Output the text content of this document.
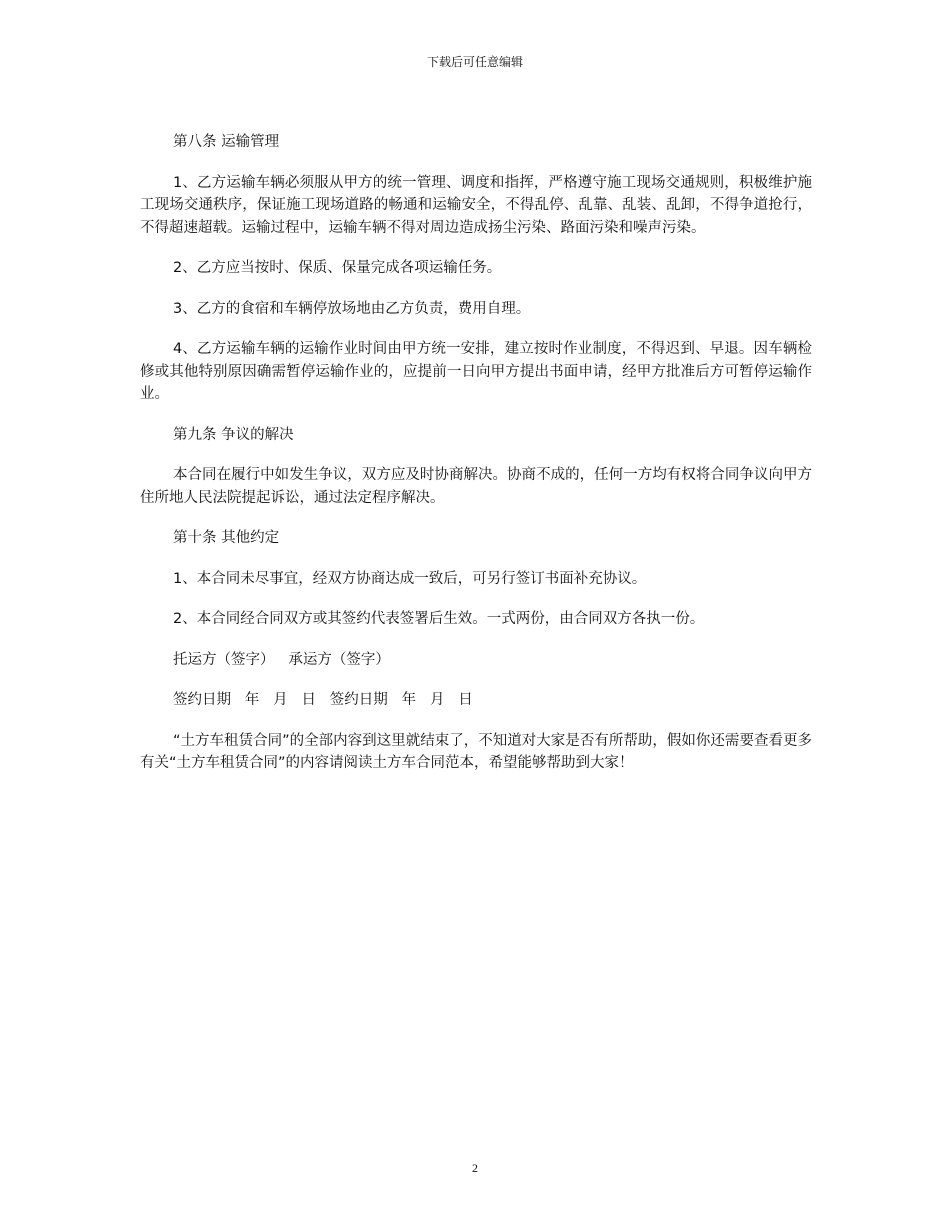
下载后可任意编辑

第八条 运输管理

1、乙方运输车辆必须服从甲方的统一管理、调度和指挥，严格遵守施工现场交通规则，积极维护施工现场交通秩序，保证施工现场道路的畅通和运输安全，不得乱停、乱靠、乱装、乱卸，不得争道抢行，不得超速超载。运输过程中，运输车辆不得对周边造成扬尘污染、路面污染和噪声污染。

2、乙方应当按时、保质、保量完成各项运输任务。

3、乙方的食宿和车辆停放场地由乙方负责，费用自理。

4、乙方运输车辆的运输作业时间由甲方统一安排，建立按时作业制度，不得迟到、早退。因车辆检修或其他特别原因确需暂停运输作业的，应提前一日向甲方提出书面申请，经甲方批准后方可暂停运输作业。

第九条 争议的解决

本合同在履行中如发生争议，双方应及时协商解决。协商不成的，任何一方均有权将合同争议向甲方住所地人民法院提起诉讼，通过法定程序解决。

第十条 其他约定

1、本合同未尽事宜，经双方协商达成一致后，可另行签订书面补充协议。

2、本合同经合同双方或其签约代表签署后生效。一式两份，由合同双方各执一份。

托运方（签字）   承运方（签字）

签约日期   年   月   日   签约日期   年   月   日

“土方车租赁合同”的全部内容到这里就结束了，不知道对大家是否有所帮助，假如你还需要查看更多有关“土方车租赁合同”的内容请阅读土方车合同范本，希望能够帮助到大家！

2
